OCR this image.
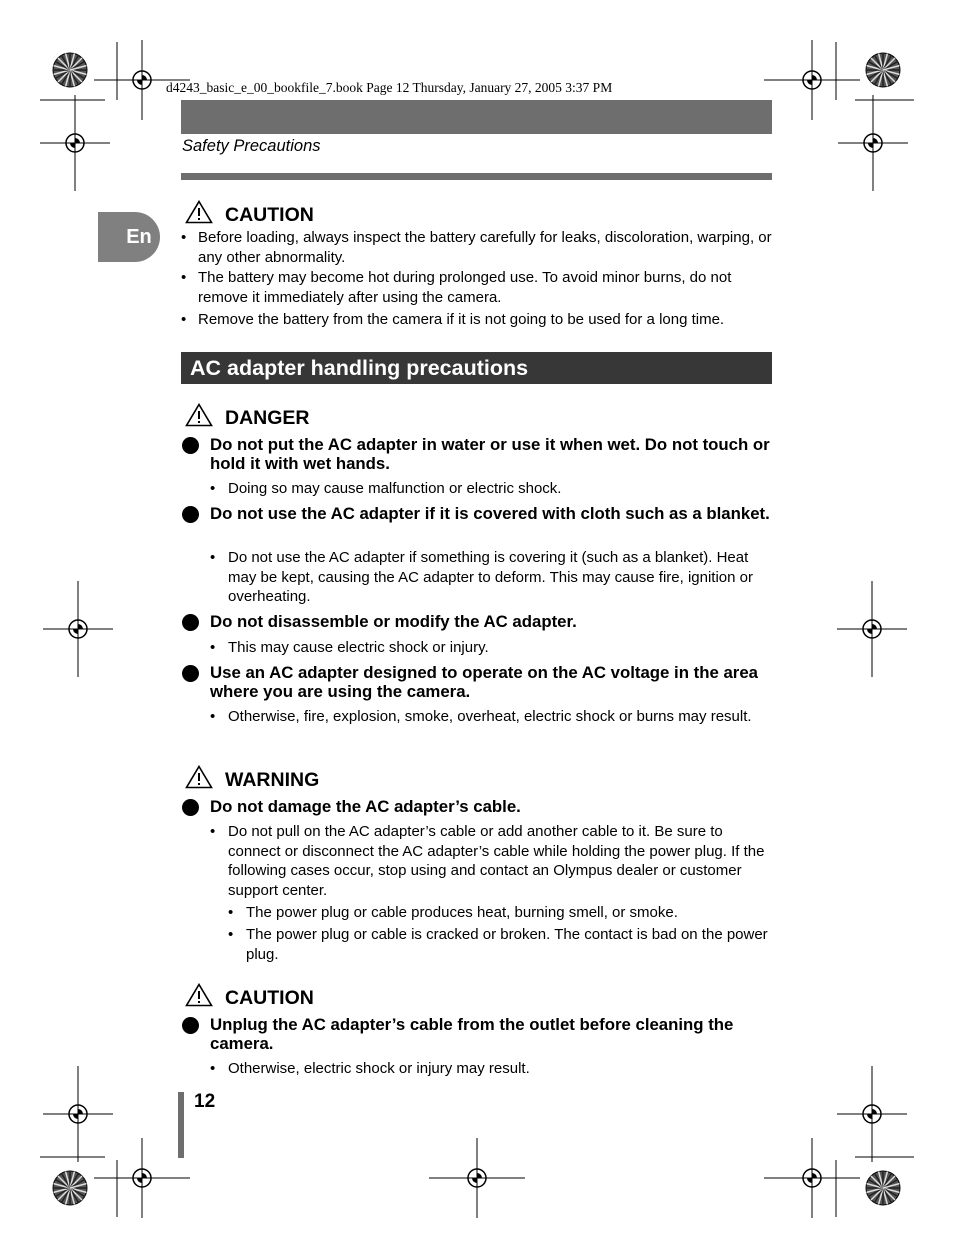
d4243_basic_e_00_bookfile_7.book Page 12 Thursday, January 27, 2005 3:37 PM
Safety Precautions
En
CAUTION
• Before loading, always inspect the battery carefully for leaks, discoloration, warping, or any other abnormality.
• The battery may become hot during prolonged use. To avoid minor burns, do not remove it immediately after using the camera.
• Remove the battery from the camera if it is not going to be used for a long time.
AC adapter handling precautions
DANGER
Do not put the AC adapter in water or use it when wet. Do not touch or hold it with wet hands.
• Doing so may cause malfunction or electric shock.
Do not use the AC adapter if it is covered with cloth such as a blanket.
• Do not use the AC adapter if something is covering it (such as a blanket). Heat may be kept, causing the AC adapter to deform. This may cause fire, ignition or overheating.
Do not disassemble or modify the AC adapter.
• This may cause electric shock or injury.
Use an AC adapter designed to operate on the AC voltage in the area where you are using the camera.
• Otherwise, fire, explosion, smoke, overheat, electric shock or burns may result.
WARNING
Do not damage the AC adapter’s cable.
• Do not pull on the AC adapter’s cable or add another cable to it. Be sure to connect or disconnect the AC adapter’s cable while holding the power plug. If the following cases occur, stop using and contact an Olympus dealer or customer support center.
• The power plug or cable produces heat, burning smell, or smoke.
• The power plug or cable is cracked or broken. The contact is bad on the power plug.
CAUTION
Unplug the AC adapter’s cable from the outlet before cleaning the camera.
• Otherwise, electric shock or injury may result.
12
